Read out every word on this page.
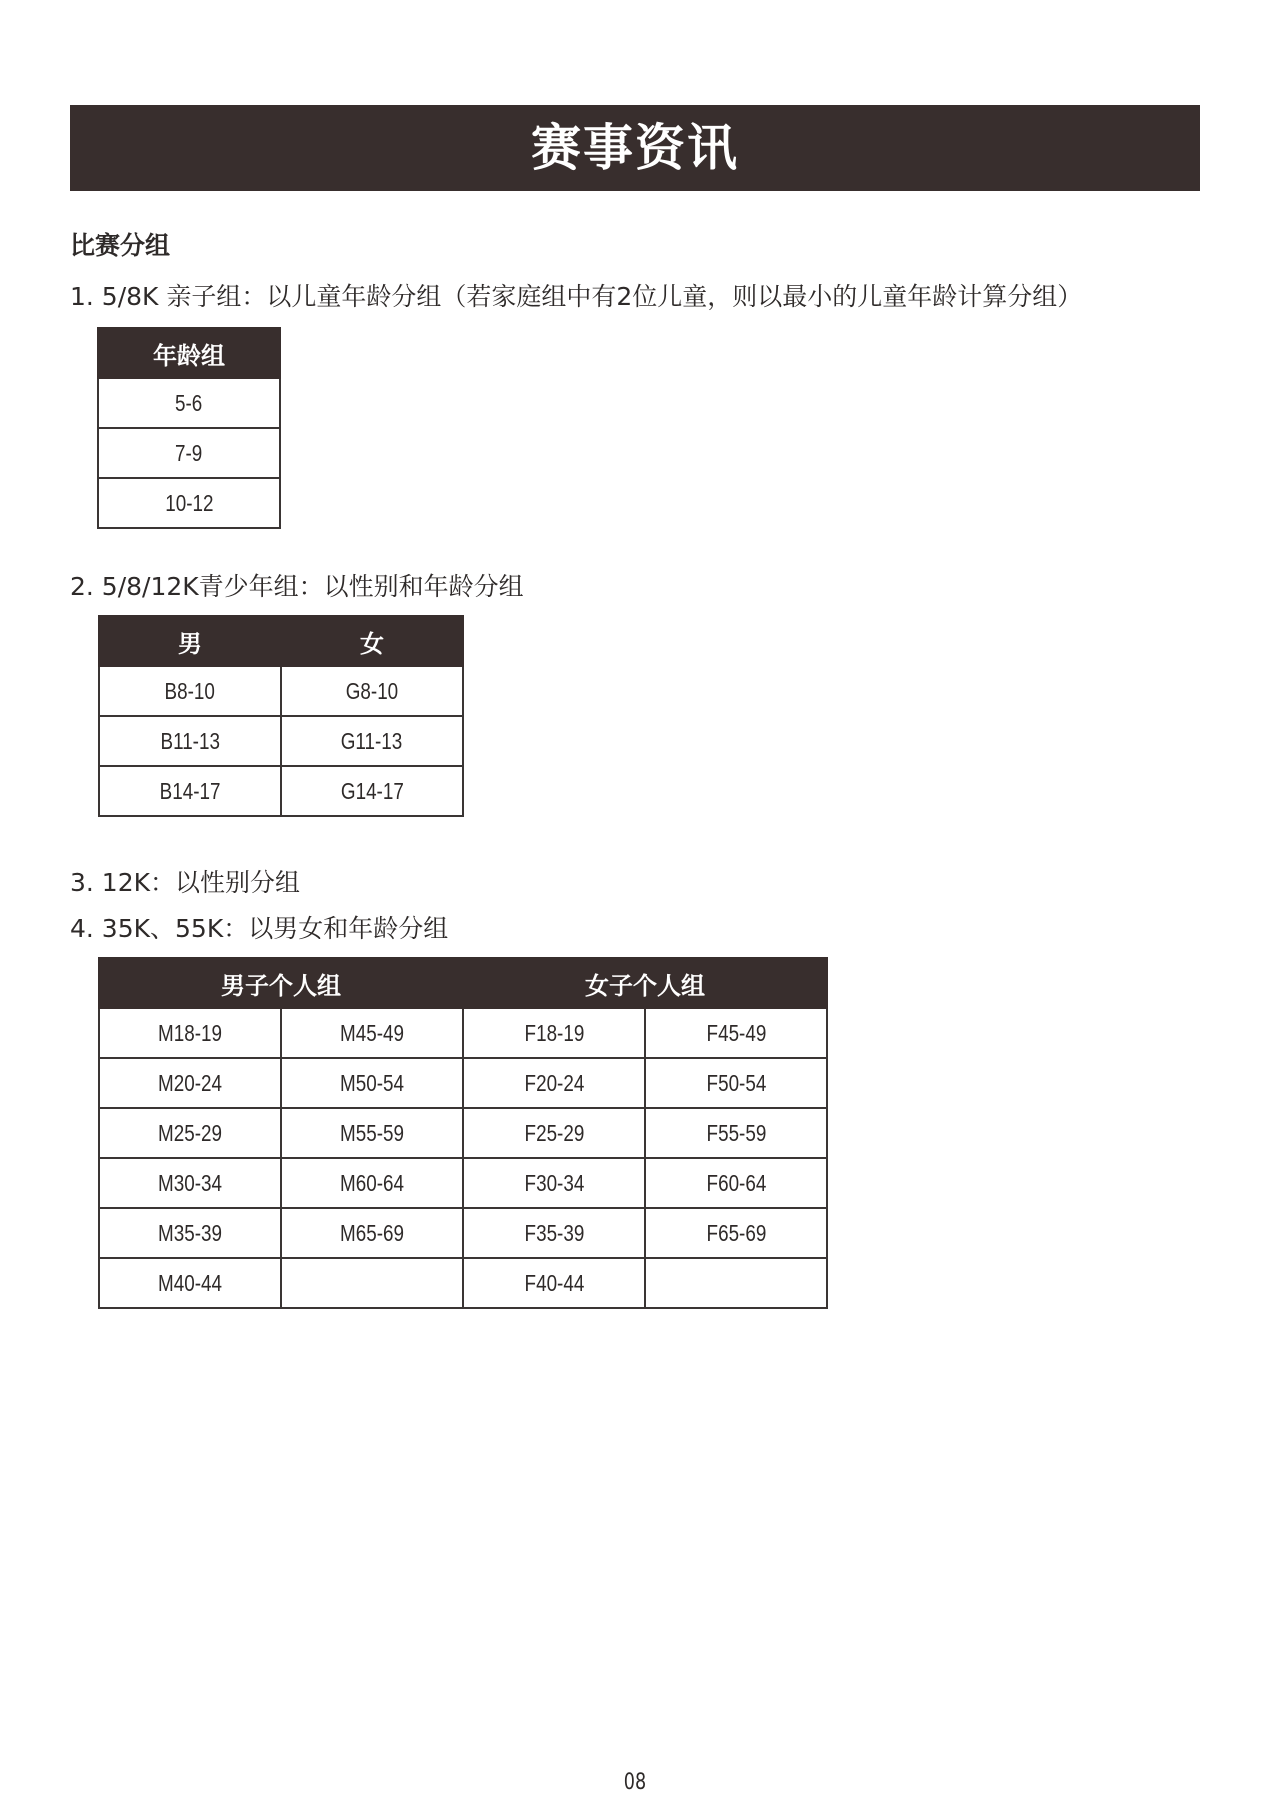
赛事资讯
比赛分组
1. 5/8K 亲子组：以儿童年龄分组（若家庭组中有2位儿童，则以最小的儿童年龄计算分组）
年龄组
5-6
7-9
10-12
2. 5/8/12K青少年组：以性别和年龄分组
男	女
B8-10	G8-10
B11-13	G11-13
B14-17	G14-17
3. 12K：以性别分组
4. 35K、55K：以男女和年龄分组
男子个人组		女子个人组	
M18-19	M45-49	F18-19	F45-49
M20-24	M50-54	F20-24	F50-54
M25-29	M55-59	F25-29	F55-59
M30-34	M60-64	F30-34	F60-64
M35-39	M65-69	F35-39	F65-69
M40-44		F40-44	
08
